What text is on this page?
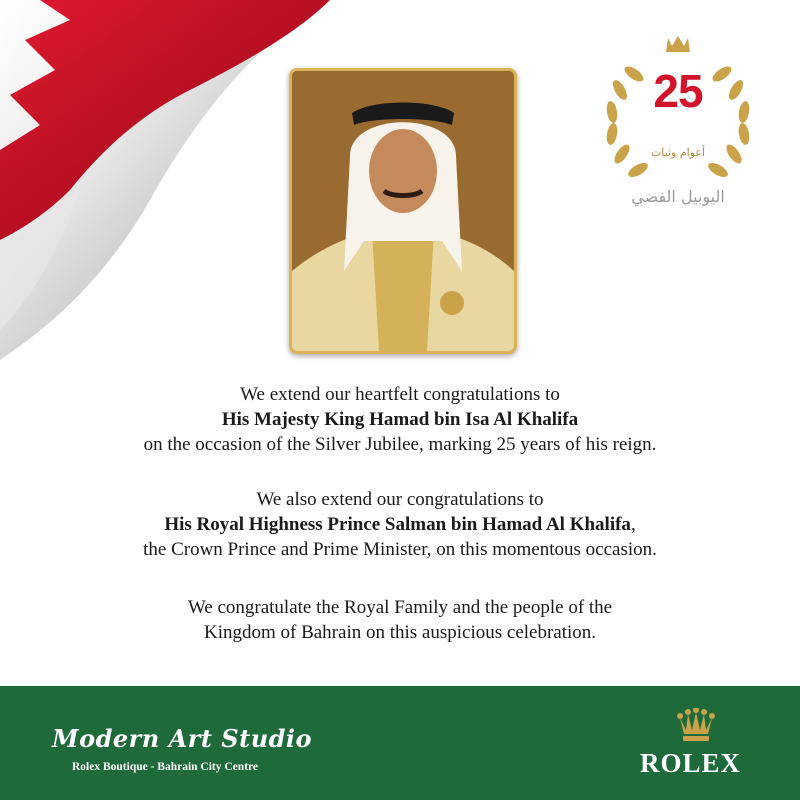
أعوام وثبات
اليوبيل الفضي
25
We extend our heartfelt congratulations to
His Majesty King Hamad bin Isa Al Khalifa
on the occasion of the Silver Jubilee, marking 25 years of his reign.
We also extend our congratulations to
His Royal Highness Prince Salman bin Hamad Al Khalifa,
the Crown Prince and Prime Minister, on this momentous occasion.
We congratulate the Royal Family and the people of the
Kingdom of Bahrain on this auspicious celebration.
Modern Art Studio
Rolex Boutique - Bahrain City Centre	ROLEX
